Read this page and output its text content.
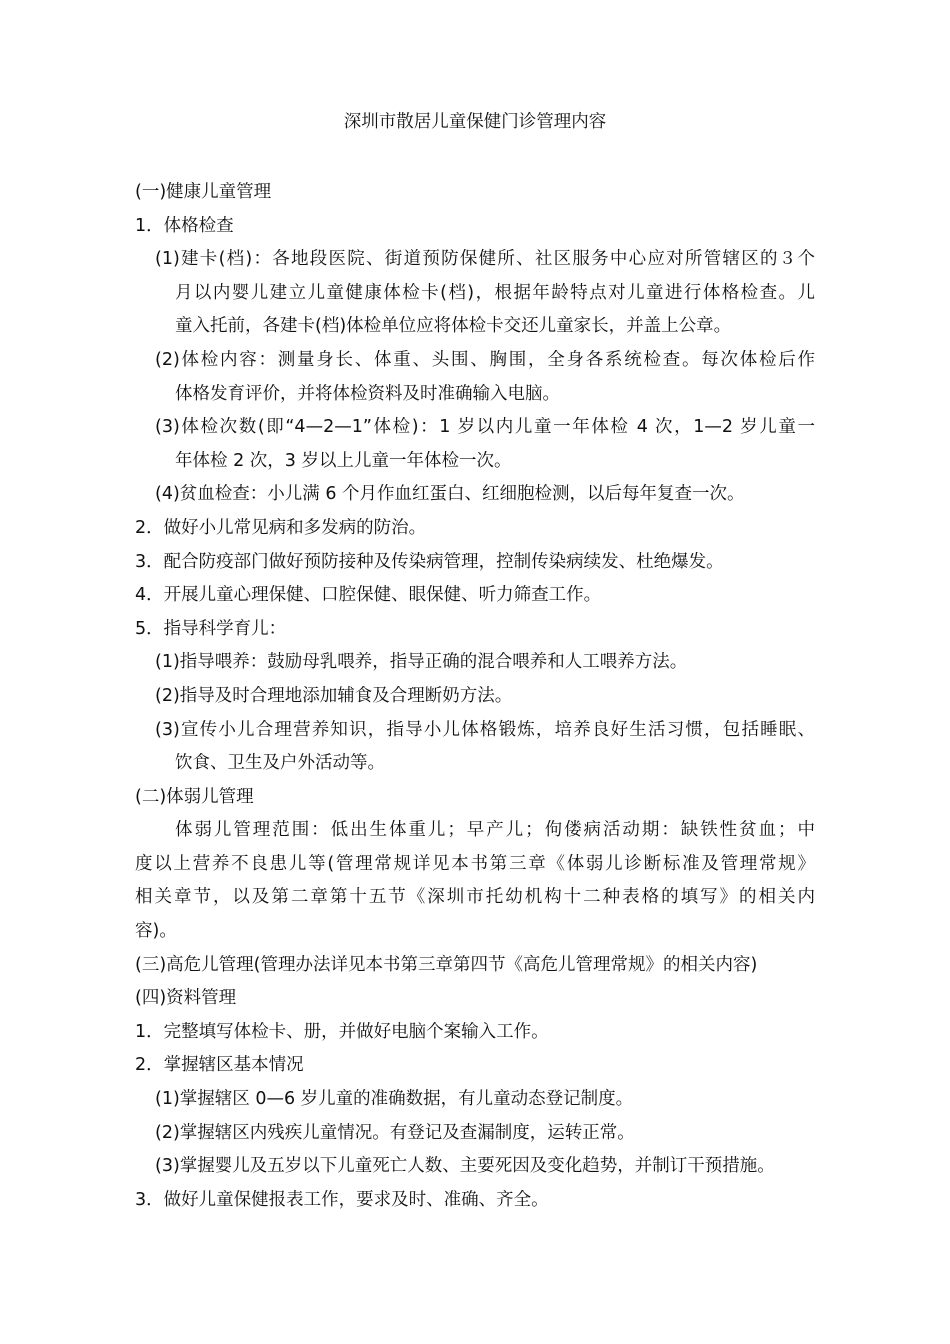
深圳市散居儿童保健门诊管理内容
(一)健康儿童管理
1．体格检查
(1)建卡(档)：各地段医院、街道预防保健所、社区服务中心应对所管辖区的３个
月以内婴儿建立儿童健康体检卡(档)，根据年龄特点对儿童进行体格检查。儿
童入托前，各建卡(档)体检单位应将体检卡交还儿童家长，并盖上公章。
(2)体检内容：测量身长、体重、头围、胸围，全身各系统检查。每次体检后作
体格发育评价，并将体检资料及时准确输入电脑。
(3)体检次数(即“4—2—1”体检)：1 岁以内儿童一年体检 4 次，1—2 岁儿童一
年体检 2 次，3 岁以上儿童一年体检一次。
(4)贫血检查：小儿满 6 个月作血红蛋白、红细胞检测，以后每年复查一次。
2．做好小儿常见病和多发病的防治。
3．配合防疫部门做好预防接种及传染病管理，控制传染病续发、杜绝爆发。
4．开展儿童心理保健、口腔保健、眼保健、听力筛查工作。
5．指导科学育儿：
(1)指导喂养：鼓励母乳喂养，指导正确的混合喂养和人工喂养方法。
(2)指导及时合理地添加辅食及合理断奶方法。
(3)宣传小儿合理营养知识，指导小儿体格锻炼，培养良好生活习惯，包括睡眠、
饮食、卫生及户外活动等。
(二)体弱儿管理
体弱儿管理范围：低出生体重儿；早产儿；佝偻病活动期：缺铁性贫血；中
度以上营养不良患儿等(管理常规详见本书第三章《体弱儿诊断标准及管理常规》
相关章节，以及第二章第十五节《深圳市托幼机构十二种表格的填写》的相关内
容)。
(三)高危儿管理(管理办法详见本书第三章第四节《高危儿管理常规》的相关内容)
(四)资料管理
1．完整填写体检卡、册，并做好电脑个案输入工作。
2．掌握辖区基本情况
(1)掌握辖区 0—6 岁儿童的准确数据，有儿童动态登记制度。
(2)掌握辖区内残疾儿童情况。有登记及查漏制度，运转正常。
(3)掌握婴儿及五岁以下儿童死亡人数、主要死因及变化趋势，并制订干预措施。
3．做好儿童保健报表工作，要求及时、准确、齐全。
